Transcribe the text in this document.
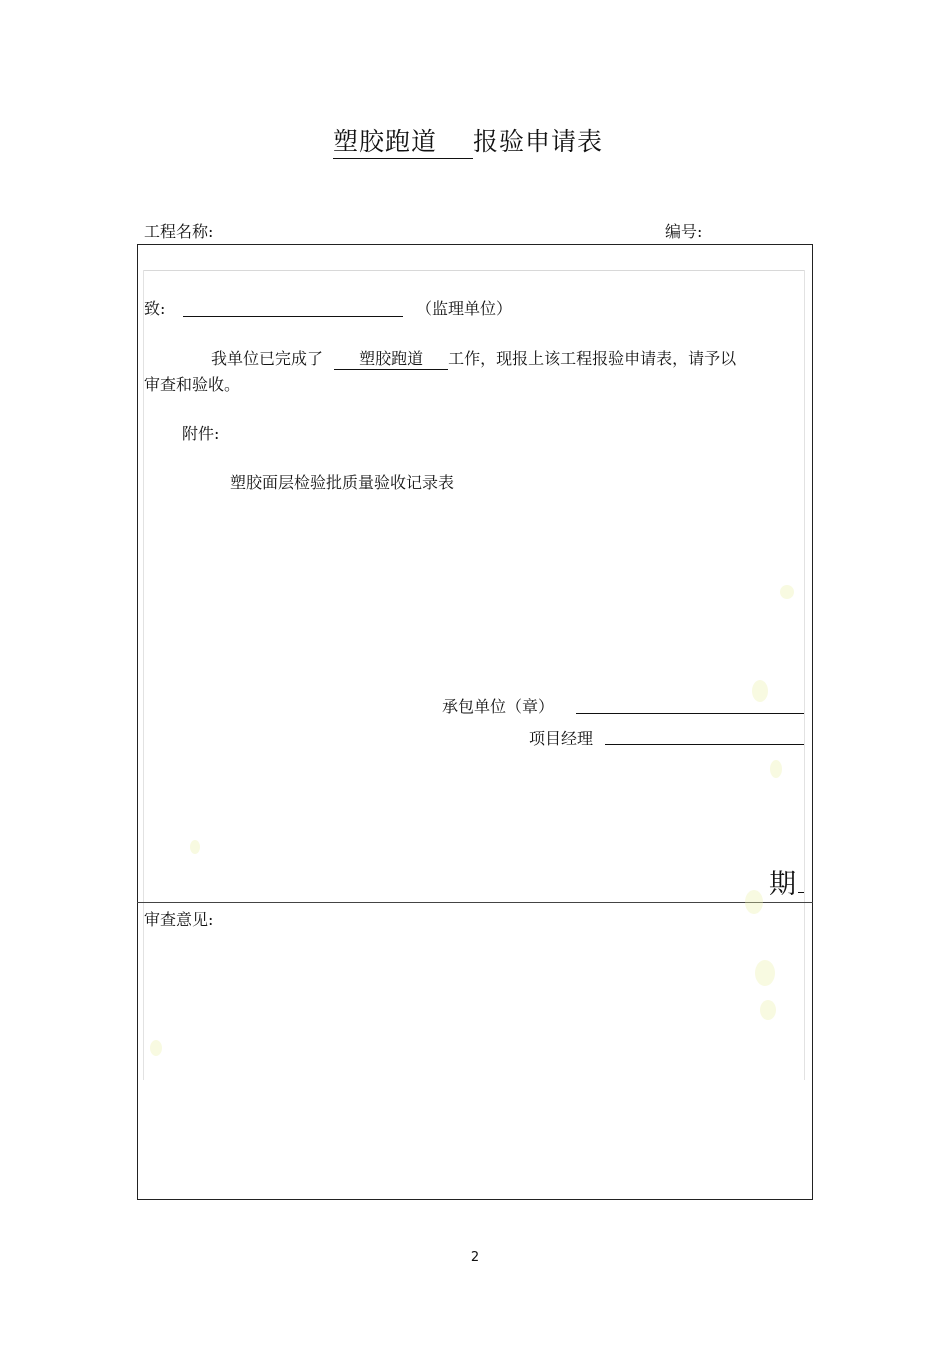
塑胶跑道 报验申请表
工程名称:	编号:
致:	（监理单位）
我单位已完成了 塑胶跑道 工作，现报上该工程报验申请表，请予以
审查和验收。
附件:
塑胶面层检验批质量验收记录表
承包单位（章）
项目经理
期
审查意见:
2
